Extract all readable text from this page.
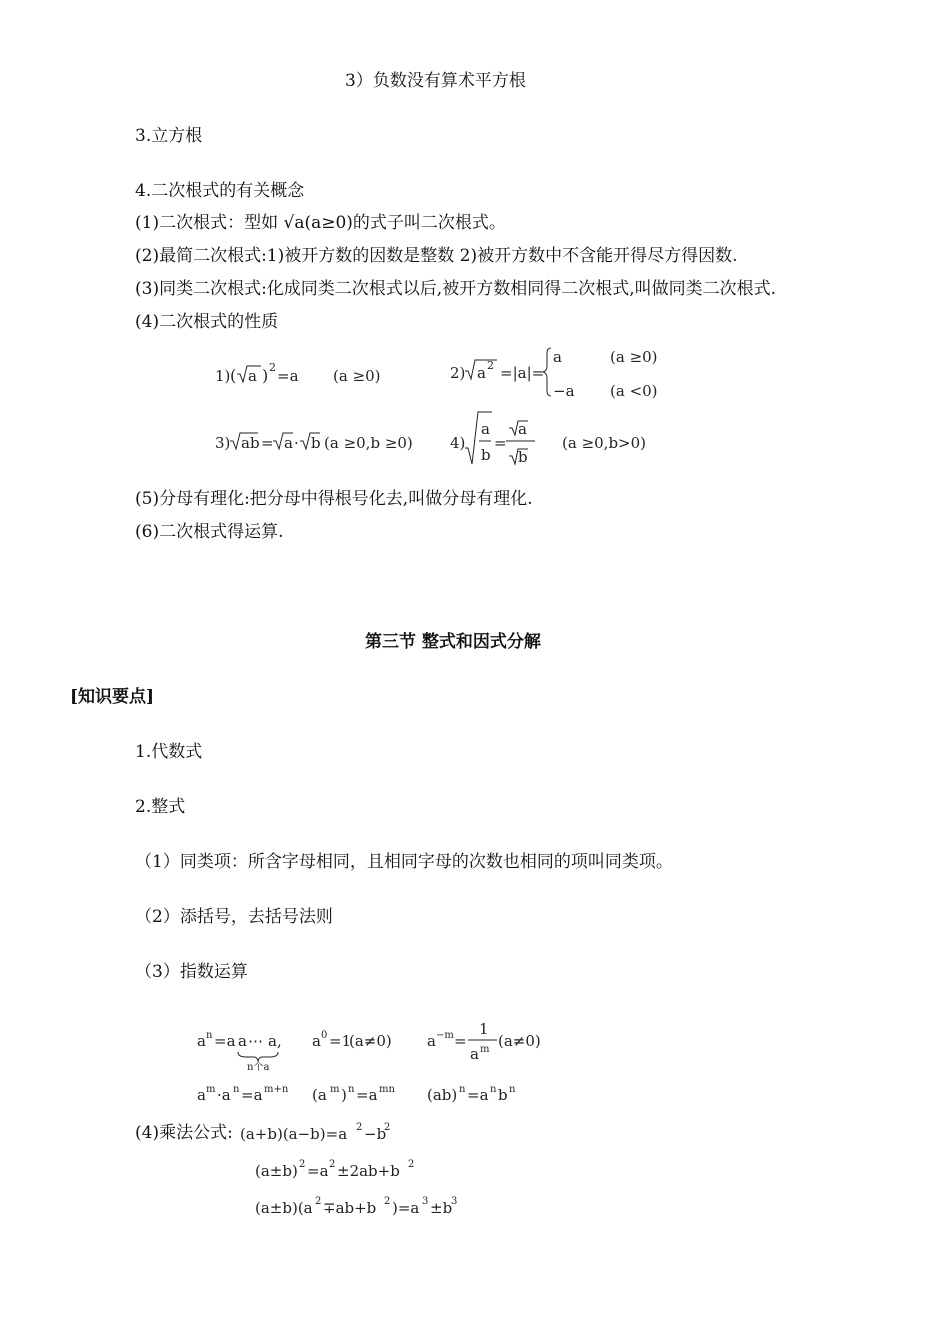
3）负数没有算术平方根
3.立方根
4.二次根式的有关概念
(1)二次根式：型如 √a(a≥0)的式子叫二次根式。
(2)最简二次根式:1)被开方数的因数是整数 2)被开方数中不含能开得尽方得因数.
(3)同类二次根式:化成同类二次根式以后,被开方数相同得二次根式,叫做同类二次根式.
(4)二次根式的性质
1) ( a ) 2 =a (a ≥0)	2) a 2 =|a|=
a	(a ≥0)
−a (a <0)
3) ab = a · b (a ≥0,b ≥0) 4)
a
b
=
a
b
(a ≥0,b>0)
(5)分母有理化:把分母中得根号化去,叫做分母有理化.
(6)二次根式得运算.
第三节 整式和因式分解
[知识要点]
1.代数式
2.整式
（1）同类项：所含字母相同，且相同字母的次数也相同的项叫同类项。
（2）添括号，去括号法则
（3）指数运算
a n =a a ⋯ a,
n个a
a 0 =1
(a≠0) a −m =
1
a m (a≠0)
a m ·a n =a m+n (a m ) n =a mn (ab) n =a n b n
(4)乘法公式: (a+b)(a−b)=a 2 −b
2
(a±b) 2 =a 2 ±2ab+b 2
(a±b)(a 2 ∓ab+b 2 )=a 3 ±b
3
